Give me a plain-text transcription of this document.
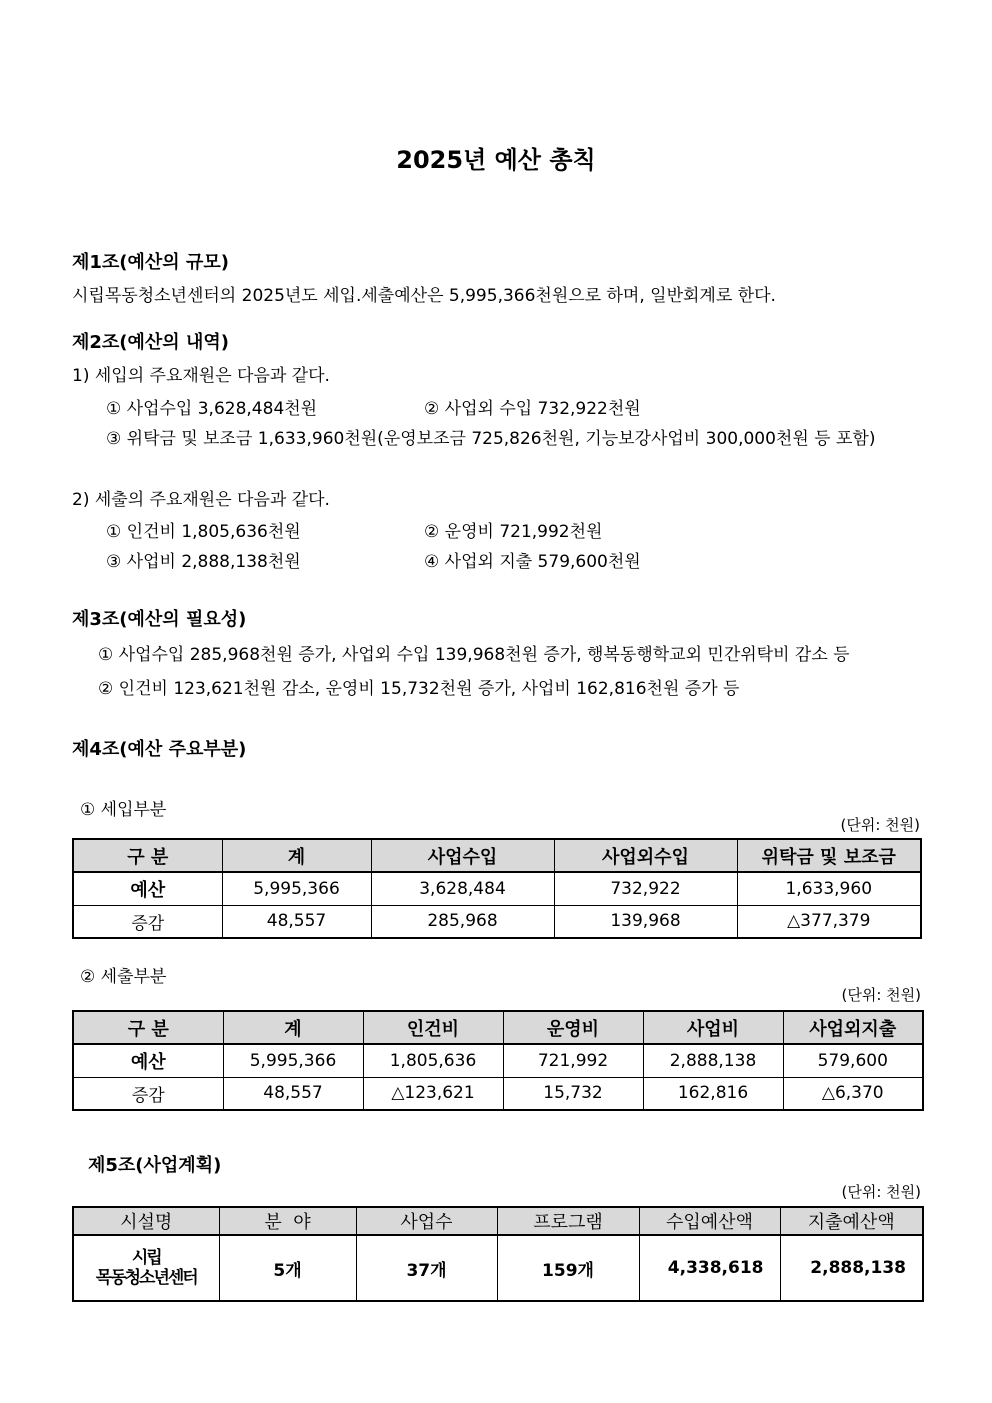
2025년 예산 총칙
제1조(예산의 규모)
시립목동청소년센터의 2025년도 세입.세출예산은 5,995,366천원으로 하며, 일반회계로 한다.
제2조(예산의 내역)
1) 세입의 주요재원은 다음과 같다.
① 사업수입 3,628,484천원	② 사업외 수입 732,922천원
③ 위탁금 및 보조금 1,633,960천원(운영보조금 725,826천원, 기능보강사업비 300,000천원 등 포함)
2) 세출의 주요재원은 다음과 같다.
① 인건비 1,805,636천원	② 운영비 721,992천원
③ 사업비 2,888,138천원	④ 사업외 지출 579,600천원
제3조(예산의 필요성)
① 사업수입 285,968천원 증가, 사업외 수입 139,968천원 증가, 행복동행학교외 민간위탁비 감소 등
② 인건비 123,621천원 감소, 운영비 15,732천원 증가, 사업비 162,816천원 증가 등
제4조(예산 주요부분)
① 세입부분
(단위: 천원)
구 분	계	사업수입	사업외수입	위탁금 및 보조금
예산	5,995,366	3,628,484	732,922	1,633,960
증감	48,557	285,968	139,968	△377,379
② 세출부분
(단위: 천원)
구 분	계	인건비	운영비	사업비	사업외지출
예산	5,995,366	1,805,636	721,992	2,888,138	579,600
증감	48,557	△123,621	15,732	162,816	△6,370
제5조(사업계획)
(단위: 천원)
시설명	분  야	사업수	프로그램	수입예산액	지출예산액

시립
목동청소년센터	5개	37개	159개	4,338,618	2,888,138
